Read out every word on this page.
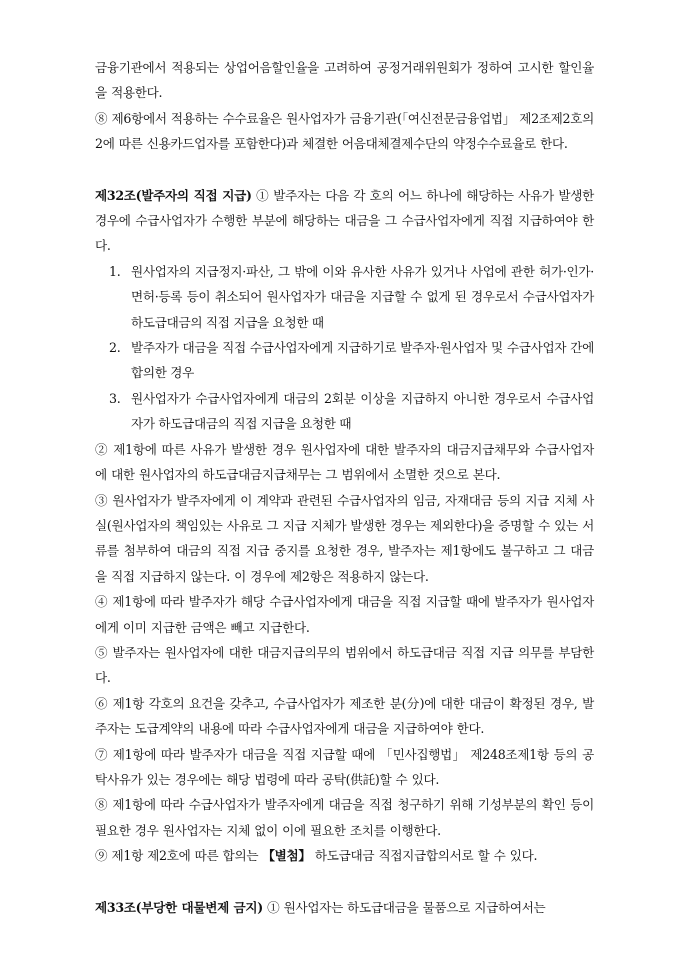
금융기관에서 적용되는 상업어음할인율을 고려하여 공정거래위원회가 정하여 고시한 할인율을 적용한다.

⑧ 제6항에서 적용하는 수수료율은 원사업자가 금융기관(「여신전문금융업법」 제2조제2호의2에 따른 신용카드업자를 포함한다)과 체결한 어음대체결제수단의 약정수수료율로 한다.

제32조(발주자의 직접 지급) ① 발주자는 다음 각 호의 어느 하나에 해당하는 사유가 발생한 경우에 수급사업자가 수행한 부분에 해당하는 대금을 그 수급사업자에게 직접 지급하여야 한다.

1. 원사업자의 지급정지·파산, 그 밖에 이와 유사한 사유가 있거나 사업에 관한 허가·인가·면허·등록 등이 취소되어 원사업자가 대금을 지급할 수 없게 된 경우로서 수급사업자가 하도급대금의 직접 지급을 요청한 때
2. 발주자가 대금을 직접 수급사업자에게 지급하기로 발주자·원사업자 및 수급사업자 간에 합의한 경우
3. 원사업자가 수급사업자에게 대금의 2회분 이상을 지급하지 아니한 경우로서 수급사업자가 하도급대금의 직접 지급을 요청한 때

② 제1항에 따른 사유가 발생한 경우 원사업자에 대한 발주자의 대금지급채무와 수급사업자에 대한 원사업자의 하도급대금지급채무는 그 범위에서 소멸한 것으로 본다.

③ 원사업자가 발주자에게 이 계약과 관련된 수급사업자의 임금, 자재대금 등의 지급 지체 사실(원사업자의 책임있는 사유로 그 지급 지체가 발생한 경우는 제외한다)을 증명할 수 있는 서류를 첨부하여 대금의 직접 지급 중지를 요청한 경우, 발주자는 제1항에도 불구하고 그 대금을 직접 지급하지 않는다. 이 경우에 제2항은 적용하지 않는다.

④ 제1항에 따라 발주자가 해당 수급사업자에게 대금을 직접 지급할 때에 발주자가 원사업자에게 이미 지급한 금액은 빼고 지급한다.

⑤ 발주자는 원사업자에 대한 대금지급의무의 범위에서 하도급대금 직접 지급 의무를 부담한다.

⑥ 제1항 각호의 요건을 갖추고, 수급사업자가 제조한 분(分)에 대한 대금이 확정된 경우, 발주자는 도급계약의 내용에 따라 수급사업자에게 대금을 지급하여야 한다.

⑦ 제1항에 따라 발주자가 대금을 직접 지급할 때에 「민사집행법」 제248조제1항 등의 공탁사유가 있는 경우에는 해당 법령에 따라 공탁(供託)할 수 있다.

⑧ 제1항에 따라 수급사업자가 발주자에게 대금을 직접 청구하기 위해 기성부분의 확인 등이 필요한 경우 원사업자는 지체 없이 이에 필요한 조치를 이행한다.

⑨ 제1항 제2호에 따른 합의는 【별첨】 하도급대금 직접지급합의서로 할 수 있다.

제33조(부당한 대물변제 금지) ① 원사업자는 하도급대금을 물품으로 지급하여서는
